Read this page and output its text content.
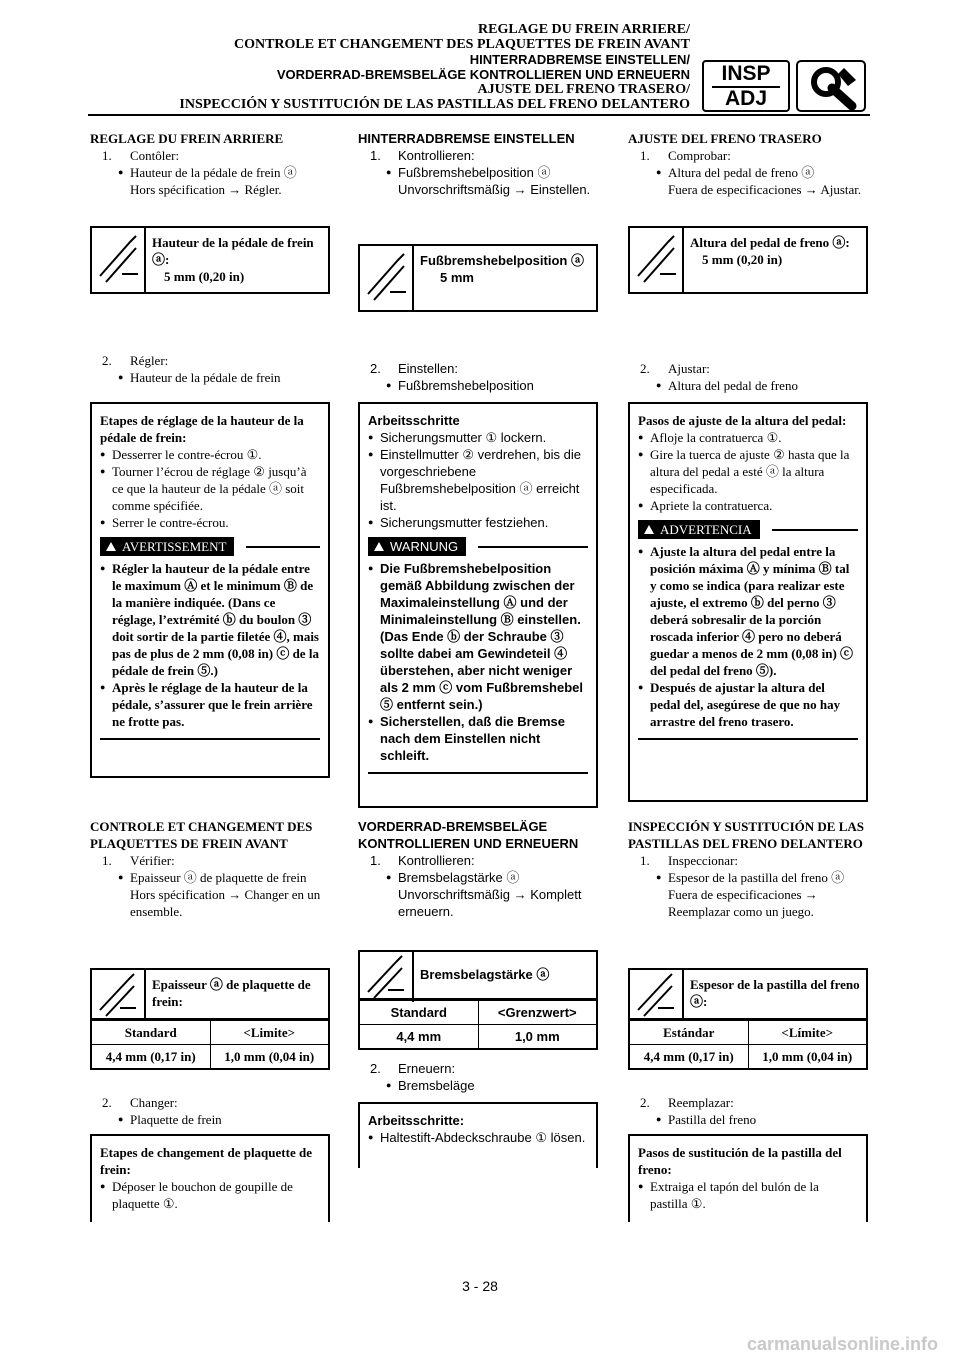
REGLAGE DU FREIN ARRIERE/
CONTROLE ET CHANGEMENT DES PLAQUETTES DE FREIN AVANT
HINTERRADBREMSE EINSTELLEN/
VORDERRAD-BREMSBELÄGE KONTROLLIEREN UND ERNEUERN
AJUSTE DEL FRENO TRASERO/
INSPECCIÓN Y SUSTITUCIÓN DE LAS PASTILLAS DEL FRENO DELANTERO
INSP
ADJ
REGLAGE DU FREIN ARRIERE
1.	Contôler:
● Hauteur de la pédale de frein ⓐ
Hors spécification → Régler.
Hauteur de la pédale de frein ⓐ:
5 mm (0,20 in)
2.	Régler:
● Hauteur de la pédale de frein

Etapes de réglage de la hauteur de la pédale de frein:

● Desserrer le contre-écrou ①.

● Tourner l’écrou de réglage ② jusqu’à ce que la hauteur de la pédale ⓐ soit comme spécifiée.

● Serrer le contre-écrou.

AVERTISSEMENT

● Régler la hauteur de la pédale entre le maximum Ⓐ et le minimum Ⓑ de la manière indiquée. (Dans ce réglage, l’extrémité ⓑ du boulon ③ doit sortir de la partie filetée ④, mais pas de plus de 2 mm (0,08 in) ⓒ de la pédale de frein ⑤.)

● Après le réglage de la hauteur de la pédale, s’assurer que le frein arrière ne frotte pas.

CONTROLE ET CHANGEMENT DES PLAQUETTES DE FREIN AVANT
1.	Vérifier:
● Epaisseur ⓐ de plaquette de frein
Hors spécification → Changer en un ensemble.
Epaisseur ⓐ de plaquette de frein:
Standard	<Limite>
4,4 mm (0,17 in)	1,0 mm (0,04 in)
2.	Changer:
● Plaquette de frein

Etapes de changement de plaquette de frein:

● Déposer le bouchon de goupille de plaquette ①.

HINTERRADBREMSE EINSTELLEN
1.	Kontrollieren:
● Fußbremshebelposition ⓐ
Unvorschriftsmäßig → Einstellen.
Fußbremshebelposition ⓐ
5 mm
2.	Einstellen:
● Fußbremshebelposition

Arbeitsschritte

● Sicherungsmutter ① lockern.

● Einstellmutter ② verdrehen, bis die vorgeschriebene Fußbremshebelposition ⓐ erreicht ist.

● Sicherungsmutter festziehen.

WARNUNG

● Die Fußbremshebelposition gemäß Abbildung zwischen der Maximaleinstellung Ⓐ und der Minimaleinstellung Ⓑ einstellen. (Das Ende ⓑ der Schraube ③ sollte dabei am Gewindeteil ④ überstehen, aber nicht weniger als 2 mm ⓒ vom Fußbremshebel ⑤ entfernt sein.)

● Sicherstellen, daß die Bremse nach dem Einstellen nicht schleift.

VORDERRAD-BREMSBELÄGE KONTROLLIEREN UND ERNEUERN
1.	Kontrollieren:
● Bremsbelagstärke ⓐ
Unvorschriftsmäßig → Komplett erneuern.
Bremsbelagstärke ⓐ
Standard	<Grenzwert>
4,4 mm	1,0 mm
2.	Erneuern:
● Bremsbeläge

Arbeitsschritte:

● Haltestift-Abdeckschraube ① lösen.

AJUSTE DEL FRENO TRASERO
1.	Comprobar:
● Altura del pedal de freno ⓐ
Fuera de especificaciones → Ajustar.
Altura del pedal de freno ⓐ:
5 mm (0,20 in)
2.	Ajustar:
● Altura del pedal de freno

Pasos de ajuste de la altura del pedal:

● Afloje la contratuerca ①.

● Gire la tuerca de ajuste ② hasta que la altura del pedal a esté ⓐ la altura especificada.

● Apriete la contratuerca.

ADVERTENCIA

● Ajuste la altura del pedal entre la posición máxima Ⓐ y mínima Ⓑ tal y como se indica (para realizar este ajuste, el extremo ⓑ del perno ③ deberá sobresalir de la porción roscada inferior ④ pero no deberá guedar a menos de 2 mm (0,08 in) ⓒ del pedal del freno ⑤).

● Después de ajustar la altura del pedal del, asegúrese de que no hay arrastre del freno trasero.

INSPECCIÓN Y SUSTITUCIÓN DE LAS PASTILLAS DEL FRENO DELANTERO
1.	Inspeccionar:
● Espesor de la pastilla del freno ⓐ
Fuera de especificaciones → Reemplazar como un juego.
Espesor de la pastilla del freno ⓐ:
Estándar	<Límite>
4,4 mm (0,17 in)	1,0 mm (0,04 in)
2.	Reemplazar:
● Pastilla del freno

Pasos de sustitución de la pastilla del freno:

● Extraiga el tapón del bulón de la pastilla ①.

3 - 28
carmanualsonline.info
